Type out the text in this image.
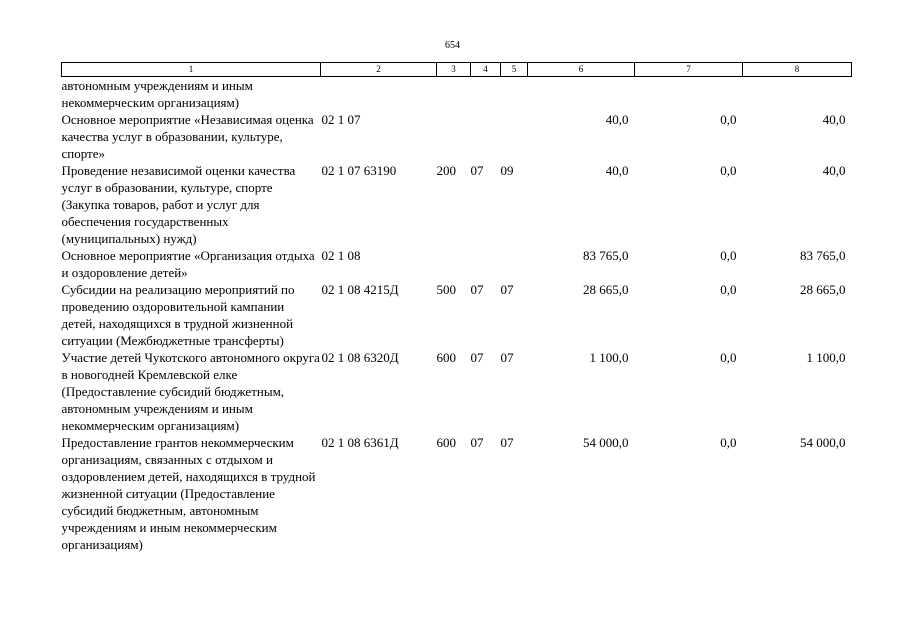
654
1	2	3	4	5	6	7	8
автономным учреждениям и иным некоммерческим организациям)							
Основное мероприятие «Независимая оценка качества услуг в образовании, культуре, спорте»	02 1 07				40,0	0,0	40,0
Проведение независимой оценки качества услуг в образовании, культуре, спорте (Закупка товаров, работ и услуг для обеспечения государственных (муниципальных) нужд)	02 1 07 63190	200	07	09	40,0	0,0	40,0
Основное мероприятие «Организация отдыха и оздоровление детей»	02 1 08				83 765,0	0,0	83 765,0
Субсидии на реализацию мероприятий по проведению оздоровительной кампании детей, находящихся в трудной жизненной ситуации (Межбюджетные трансферты)	02 1 08 4215Д	500	07	07	28 665,0	0,0	28 665,0
Участие детей Чукотского автономного округа в новогодней Кремлевской елке (Предоставление субсидий бюджетным, автономным учреждениям и иным некоммерческим организациям)	02 1 08 6320Д	600	07	07	1 100,0	0,0	1 100,0
Предоставление грантов некоммерческим организациям, связанных с отдыхом и оздоровлением детей, находящихся в трудной жизненной ситуации (Предоставление субсидий бюджетным, автономным учреждениям и иным некоммерческим организациям)	02 1 08 6361Д	600	07	07	54 000,0	0,0	54 000,0
